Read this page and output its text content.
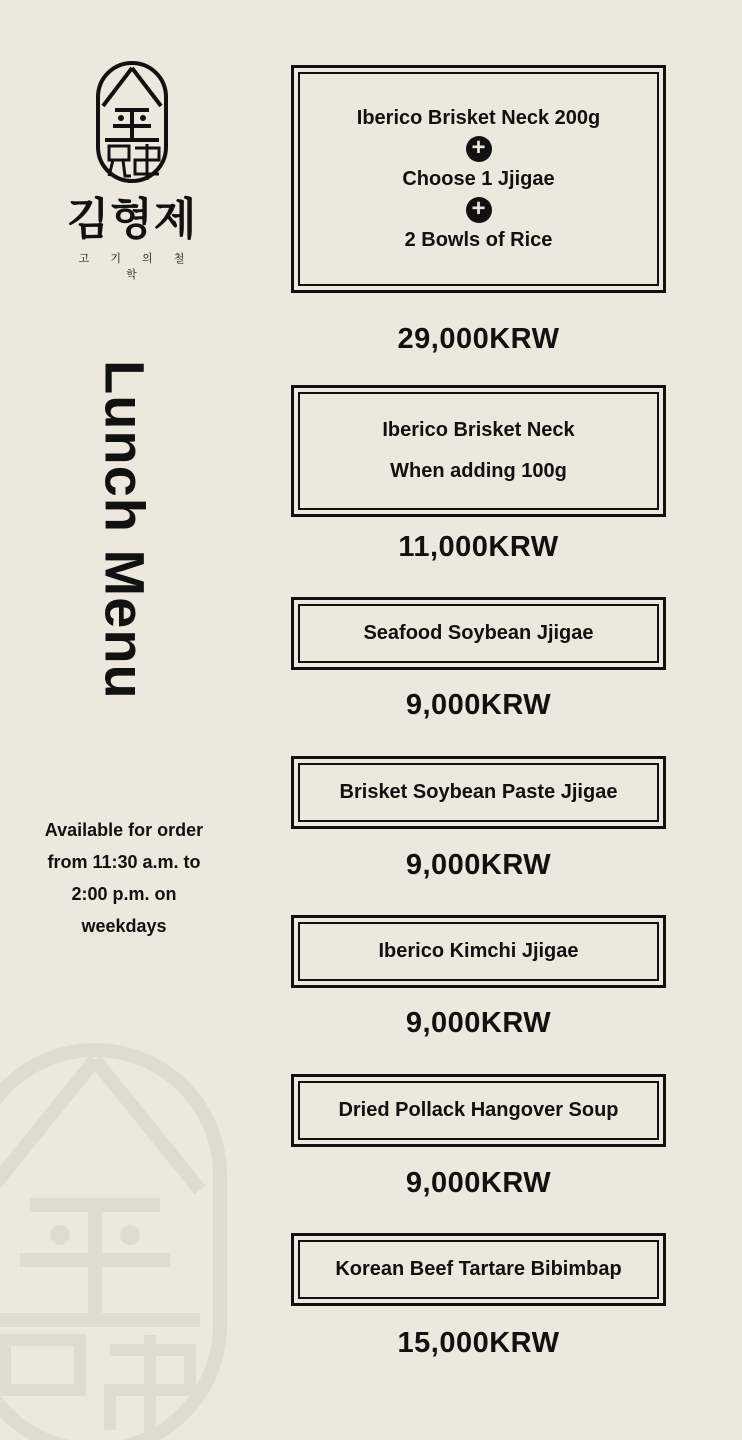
김형제
고 기 의 철 학
Lunch Menu
Available for order from 11:30 a.m. to 2:00 p.m. on weekdays
Iberico Brisket Neck 200g
+
Choose 1 Jjigae
+
2 Bowls of Rice
29,000KRW
Iberico Brisket Neck
When adding 100g
11,000KRW
Seafood Soybean Jjigae
9,000KRW
Brisket Soybean Paste Jjigae
9,000KRW
Iberico Kimchi Jjigae
9,000KRW
Dried Pollack Hangover Soup
9,000KRW
Korean Beef Tartare Bibimbap
15,000KRW
